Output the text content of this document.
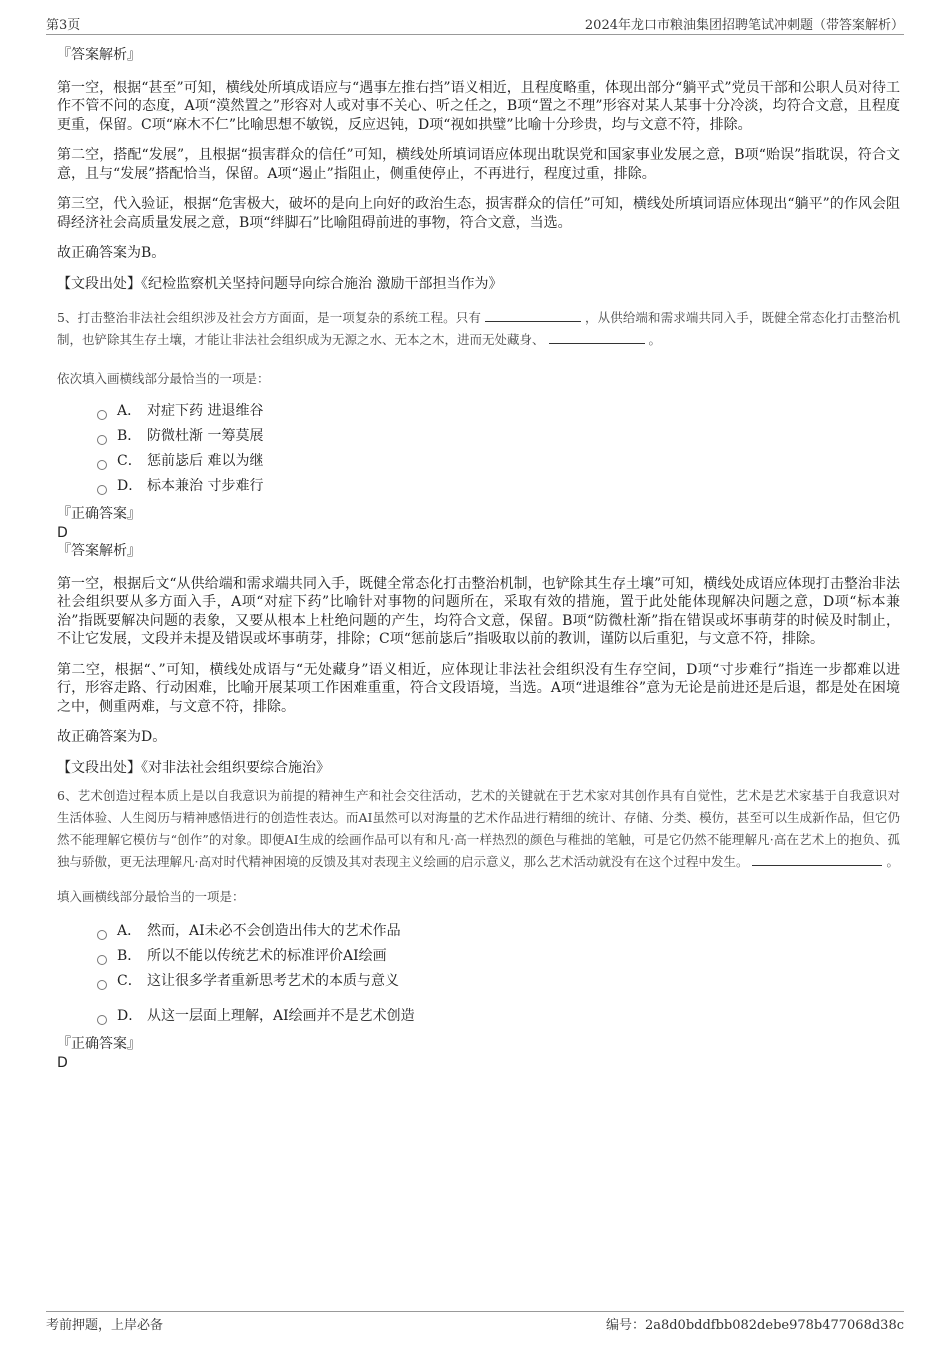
第3页	2024年龙口市粮油集团招聘笔试冲刺题（带答案解析）
『答案解析』
第一空，根据“甚至”可知，横线处所填成语应与“遇事左推右挡”语义相近，且程度略重，体现出部分“躺平式”党员干部和公职人员对待工作不管不问的态度，A项“漠然置之”形容对人或对事不关心、听之任之，B项“置之不理”形容对某人某事十分冷淡，均符合文意，且程度更重，保留。C项“麻木不仁”比喻思想不敏锐，反应迟钝，D项“视如拱璧”比喻十分珍贵，均与文意不符，排除。
第二空，搭配“发展”，且根据“损害群众的信任”可知，横线处所填词语应体现出耽误党和国家事业发展之意，B项“贻误”指耽误，符合文意，且与“发展”搭配恰当，保留。A项“遏止”指阻止，侧重使停止，不再进行，程度过重，排除。
第三空，代入验证，根据“危害极大，破坏的是向上向好的政治生态，损害群众的信任”可知，横线处所填词语应体现出“躺平”的作风会阻碍经济社会高质量发展之意，B项“绊脚石”比喻阻碍前进的事物，符合文意，当选。
故正确答案为B。
【文段出处】《纪检监察机关坚持问题导向综合施治 激励干部担当作为》
5、打击整治非法社会组织涉及社会方方面面，是一项复杂的系统工程。只有	，从供给端和需求端共同入手，既健全常态化打击整治机制，也铲除其生存土壤，才能让非法社会组织成为无源之水、无本之木，进而无处藏身、	。
依次填入画横线部分最恰当的一项是：
A． 对症下药 进退维谷
B． 防微杜渐 一筹莫展
C． 惩前毖后 难以为继
D． 标本兼治 寸步难行
『正确答案』
D
『答案解析』
第一空，根据后文“从供给端和需求端共同入手，既健全常态化打击整治机制，也铲除其生存土壤”可知，横线处成语应体现打击整治非法社会组织要从多方面入手，A项“对症下药”比喻针对事物的问题所在，采取有效的措施，置于此处能体现解决问题之意，D项“标本兼治”指既要解决问题的表象，又要从根本上杜绝问题的产生，均符合文意，保留。B项“防微杜渐”指在错误或坏事萌芽的时候及时制止，不让它发展，文段并未提及错误或坏事萌芽，排除；C项“惩前毖后”指吸取以前的教训，谨防以后重犯，与文意不符，排除。
第二空，根据“、”可知，横线处成语与“无处藏身”语义相近，应体现让非法社会组织没有生存空间，D项“寸步难行”指连一步都难以进行，形容走路、行动困难，比喻开展某项工作困难重重，符合文段语境，当选。A项“进退维谷”意为无论是前进还是后退，都是处在困境之中，侧重两难，与文意不符，排除。
故正确答案为D。
【文段出处】《对非法社会组织要综合施治》
6、艺术创造过程本质上是以自我意识为前提的精神生产和社会交往活动，艺术的关键就在于艺术家对其创作具有自觉性，艺术是艺术家基于自我意识对生活体验、人生阅历与精神感悟进行的创造性表达。而AI虽然可以对海量的艺术作品进行精细的统计、存储、分类、模仿，甚至可以生成新作品，但它仍然不能理解它模仿与“创作”的对象。即便AI生成的绘画作品可以有和凡·高一样热烈的颜色与稚拙的笔触，可是它仍然不能理解凡·高在艺术上的抱负、孤独与骄傲，更无法理解凡·高对时代精神困境的反馈及其对表现主义绘画的启示意义，那么艺术活动就没有在这个过程中发生。	。
填入画横线部分最恰当的一项是：
A． 然而，AI未必不会创造出伟大的艺术作品
B． 所以不能以传统艺术的标准评价AI绘画
C． 这让很多学者重新思考艺术的本质与意义
D． 从这一层面上理解，AI绘画并不是艺术创造
『正确答案』
D
考前押题，上岸必备	编号：2a8d0bddfbb082debe978b477068d38c
